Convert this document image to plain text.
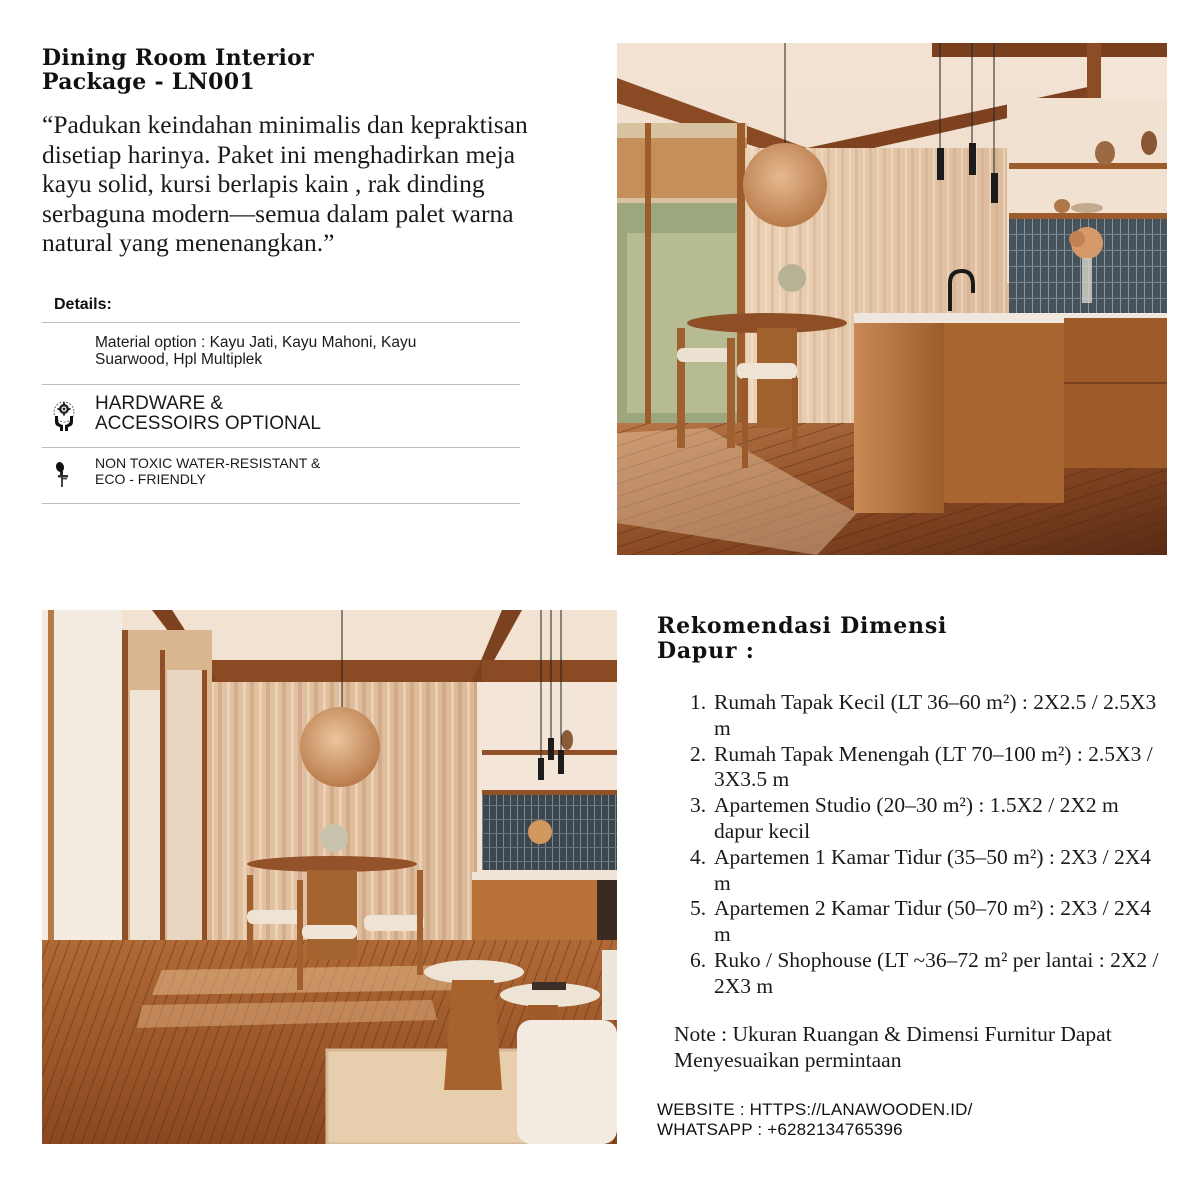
Dining Room Interior
Package - LN001

“Padukan keindahan minimalis dan kepraktisan disetiap harinya. Paket ini menghadirkan meja kayu solid, kursi berlapis kain , rak dinding serbaguna modern—semua dalam palet warna natural yang menenangkan.”

Details:
Material option : Kayu Jati, Kayu Mahoni, Kayu
Suarwood, Hpl Multiplek
HARDWARE &
ACCESSOIRS OPTIONAL
NON TOXIC WATER-RESISTANT &
ECO - FRIENDLY
Rekomendasi Dimensi
Dapur :
1. Rumah Tapak Kecil (LT 36–60 m²) : 2X2.5 / 2.5X3 m
2. Rumah Tapak Menengah (LT 70–100 m²) : 2.5X3 / 3X3.5 m
3. Apartemen Studio (20–30 m²) : 1.5X2 / 2X2 m dapur kecil
4. Apartemen 1 Kamar Tidur (35–50 m²) : 2X3 / 2X4 m
5. Apartemen 2 Kamar Tidur (50–70 m²) : 2X3 / 2X4 m
6. Ruko / Shophouse (LT ~36–72 m² per lantai : 2X2 / 2X3 m

Note : Ukuran Ruangan & Dimensi Furnitur Dapat Menyesuaikan permintaan

WEBSITE : HTTPS://LANAWOODEN.ID/
WHATSAPP : +6282134765396
